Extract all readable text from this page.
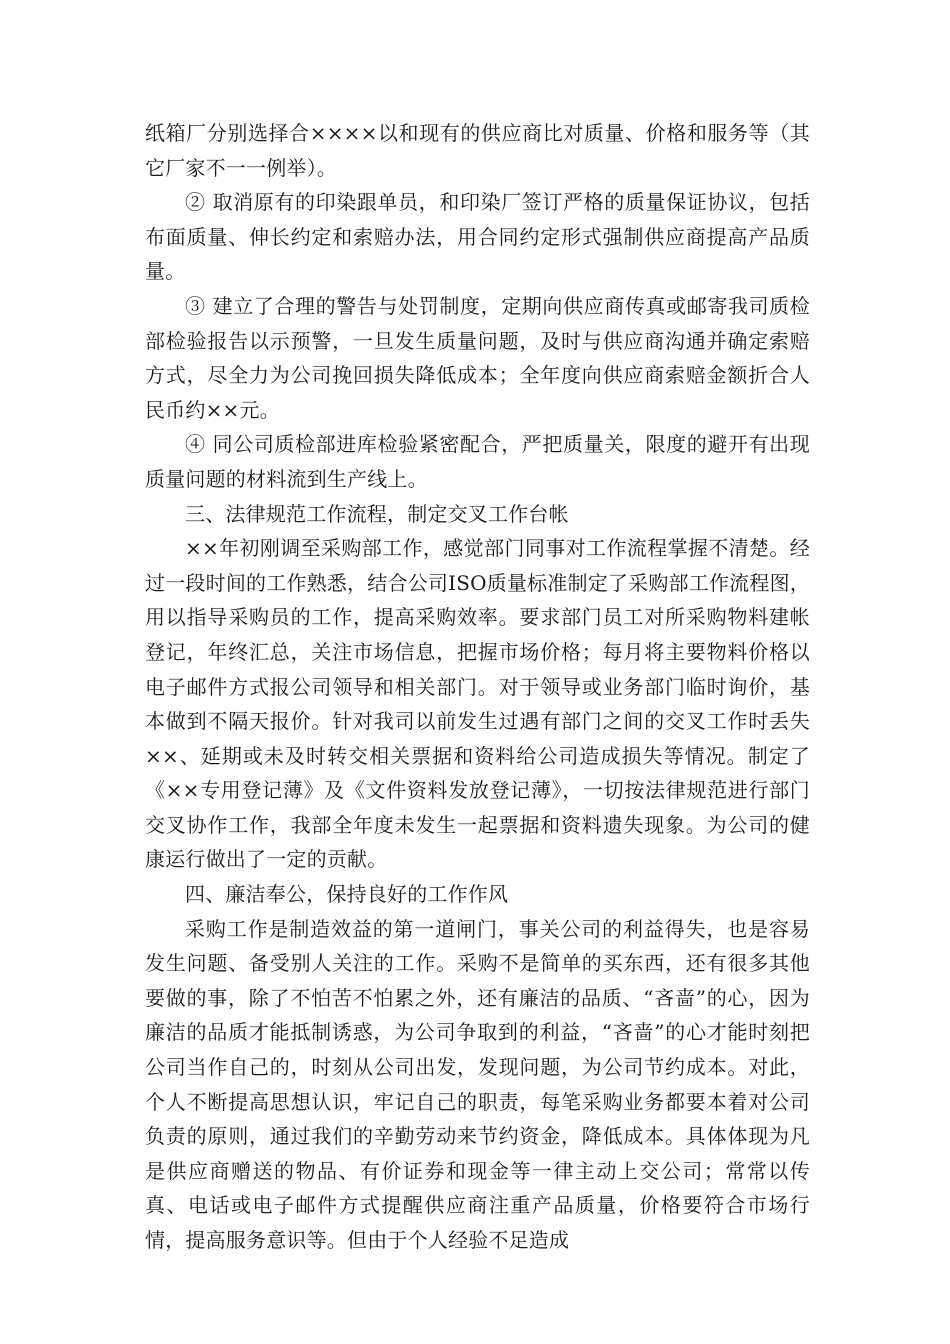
纸箱厂分别选择合××××以和现有的供应商比对质量、价格和服务等（其它厂家不一一例举）。

② 取消原有的印染跟单员，和印染厂签订严格的质量保证协议，包括布面质量、伸长约定和索赔办法，用合同约定形式强制供应商提高产品质量。

③ 建立了合理的警告与处罚制度，定期向供应商传真或邮寄我司质检部检验报告以示预警，一旦发生质量问题，及时与供应商沟通并确定索赔方式，尽全力为公司挽回损失降低成本；全年度向供应商索赔金额折合人民币约××元。

④ 同公司质检部进库检验紧密配合，严把质量关，限度的避开有出现质量问题的材料流到生产线上。

三、法律规范工作流程，制定交叉工作台帐

××年初刚调至采购部工作，感觉部门同事对工作流程掌握不清楚。经过一段时间的工作熟悉，结合公司ISO质量标准制定了采购部工作流程图，用以指导采购员的工作，提高采购效率。要求部门员工对所采购物料建帐登记，年终汇总，关注市场信息，把握市场价格；每月将主要物料价格以电子邮件方式报公司领导和相关部门。对于领导或业务部门临时询价，基本做到不隔天报价。针对我司以前发生过遇有部门之间的交叉工作时丢失××、延期或未及时转交相关票据和资料给公司造成损失等情况。制定了《××专用登记薄》及《文件资料发放登记薄》，一切按法律规范进行部门交叉协作工作，我部全年度未发生一起票据和资料遗失现象。为公司的健康运行做出了一定的贡献。

四、廉洁奉公，保持良好的工作作风

采购工作是制造效益的第一道闸门，事关公司的利益得失，也是容易发生问题、备受别人关注的工作。采购不是简单的买东西，还有很多其他要做的事，除了不怕苦不怕累之外，还有廉洁的品质、“吝啬”的心，因为廉洁的品质才能抵制诱惑，为公司争取到的利益，“吝啬”的心才能时刻把公司当作自己的，时刻从公司出发，发现问题，为公司节约成本。对此，个人不断提高思想认识，牢记自己的职责，每笔采购业务都要本着对公司负责的原则，通过我们的辛勤劳动来节约资金，降低成本。具体体现为凡是供应商赠送的物品、有价证券和现金等一律主动上交公司；常常以传真、电话或电子邮件方式提醒供应商注重产品质量，价格要符合市场行情，提高服务意识等。但由于个人经验不足造成
